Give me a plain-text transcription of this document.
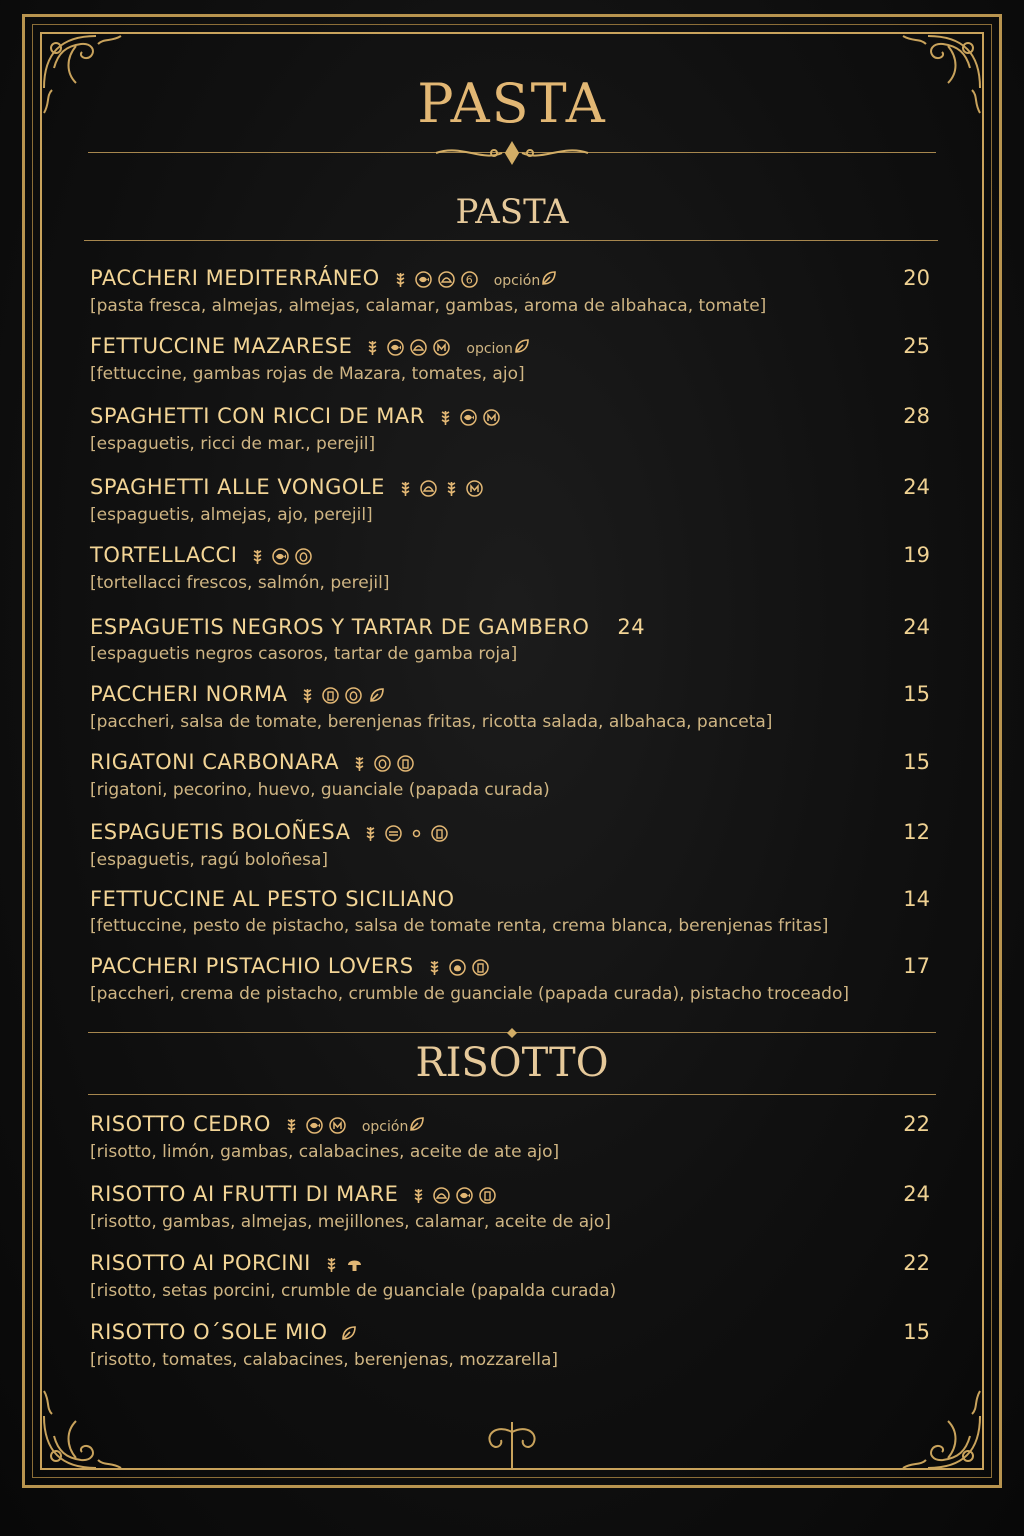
PASTA
PASTA
PACCHERI MEDITERRÁNEO	6 opción
[pasta fresca, almejas, almejas, calamar, gambas, aroma de albahaca, tomate]
20
FETTUCCINE MAZARESE	opcion
[fettuccine, gambas rojas de Mazara, tomates, ajo]
25
SPAGHETTI CON RICCI DE MAR
[espaguetis, ricci de mar., perejil]
28
SPAGHETTI ALLE VONGOLE
[espaguetis, almejas, ajo, perejil]
24
TORTELLACCI
[tortellacci frescos, salmón, perejil]
19
ESPAGUETIS NEGROS Y TARTAR DE GAMBERO 24
[espaguetis negros casoros, tartar de gamba roja]
24
PACCHERI NORMA
[paccheri, salsa de tomate, berenjenas fritas, ricotta salada, albahaca, panceta]
15
RIGATONI CARBONARA
[rigatoni, pecorino, huevo, guanciale (papada curada)
15
ESPAGUETIS BOLOÑESA
[espaguetis, ragú boloñesa]
12
FETTUCCINE AL PESTO SICILIANO
[fettuccine, pesto de pistacho, salsa de tomate renta, crema blanca, berenjenas fritas]
14
PACCHERI PISTACHIO LOVERS
[paccheri, crema de pistacho, crumble de guanciale (papada curada), pistacho troceado]
17
RISOTTO
RISOTTO CEDRO	opción
[risotto, limón, gambas, calabacines, aceite de ate ajo]
22
RISOTTO AI FRUTTI DI MARE
[risotto, gambas, almejas, mejillones, calamar, aceite de ajo]
24
RISOTTO AI PORCINI
[risotto, setas porcini, crumble de guanciale (papalda curada)
22
RISOTTO O´SOLE MIO
[risotto, tomates, calabacines, berenjenas, mozzarella]
15
